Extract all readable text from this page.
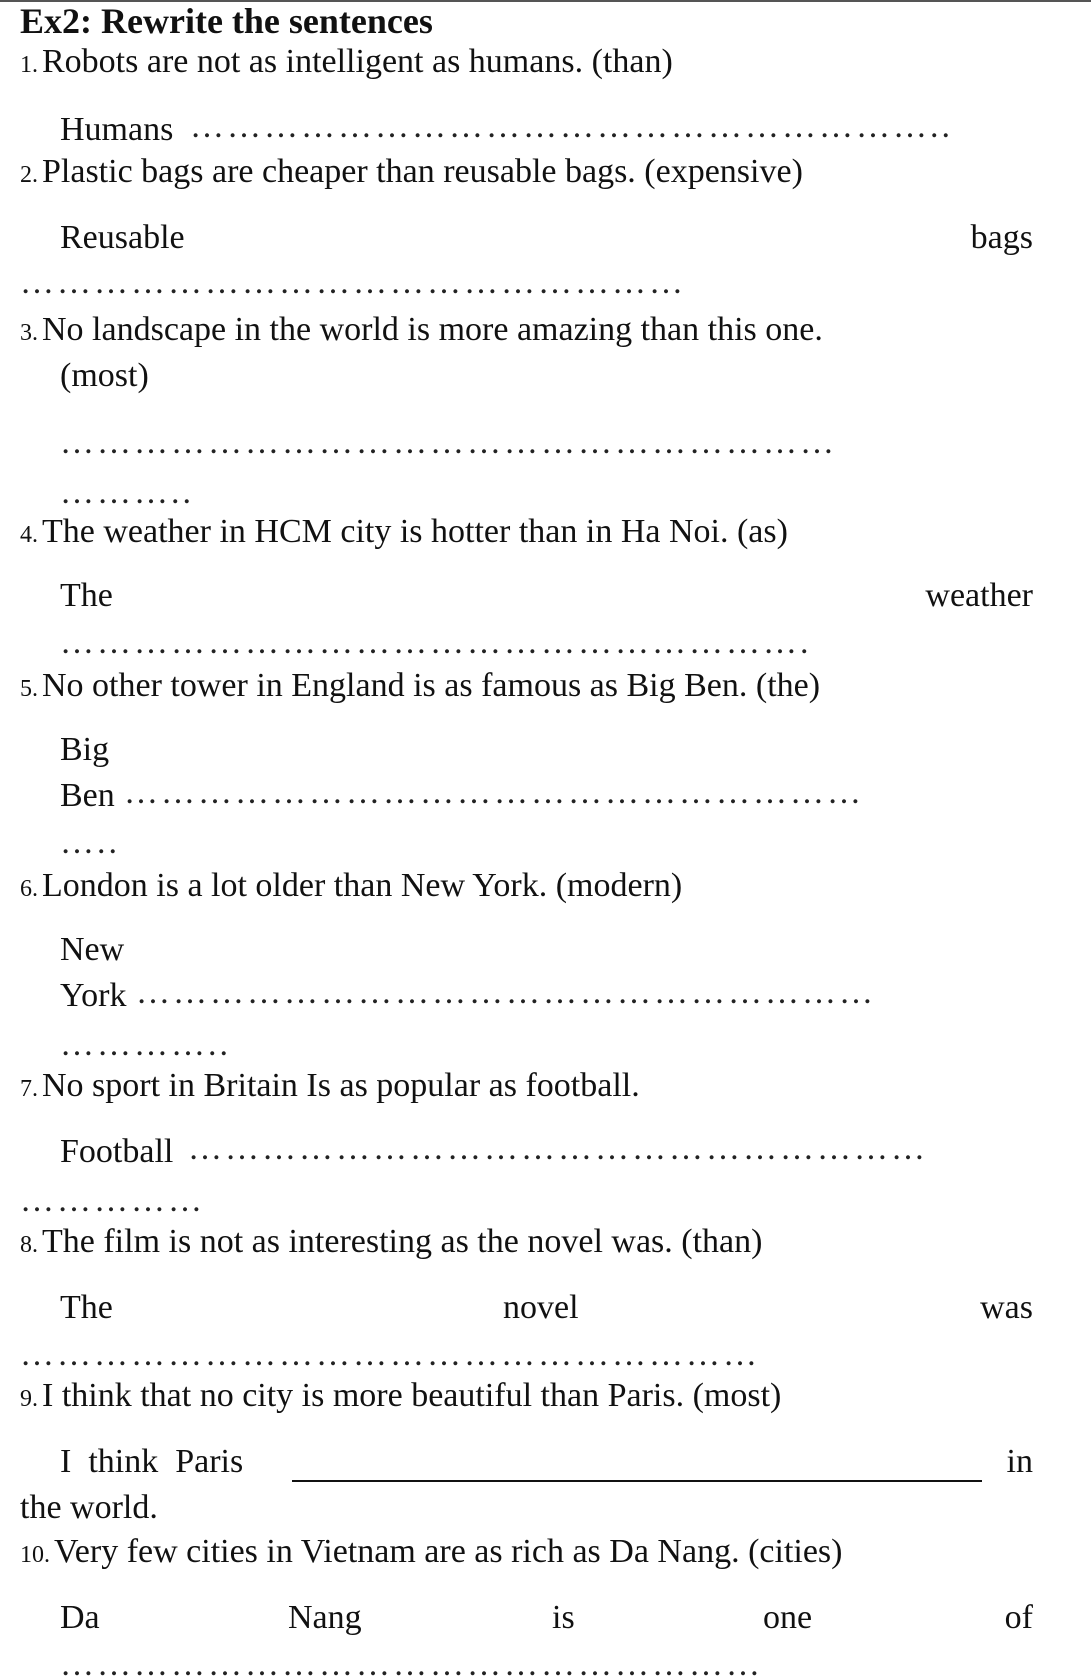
Ex2: Rewrite the sentences
1. Robots are not as intelligent as humans. (than)
Humans ……………………………………………………..
2. Plastic bags are cheaper than reusable bags. (expensive)
Reusable	bags
………………………………………………
3. No landscape in the world is more amazing than this one.
(most)
………………………………………………………
………..
4. The weather in HCM city is hotter than in Ha Noi. (as)
The	weather
…………………………………………………….
5. No other tower in England is as famous as Big Ben. (the)
Big
Ben ……………………………………………………
…..
6. London is a lot older than New York. (modern)
New
York ……………………………………………………
…………..
7. No sport in Britain Is as popular as football.
Football ……………………………………………………
……………
8. The film is not as interesting as the novel was. (than)
The	novel	was
……………………………………………………
9. I think that no city is more beautiful than Paris. (most)
I  think  Paris	in
the world.
10. Very few cities in Vietnam are as rich as Da Nang. (cities)
Da	Nang	is	one	of
…………………………………………………
